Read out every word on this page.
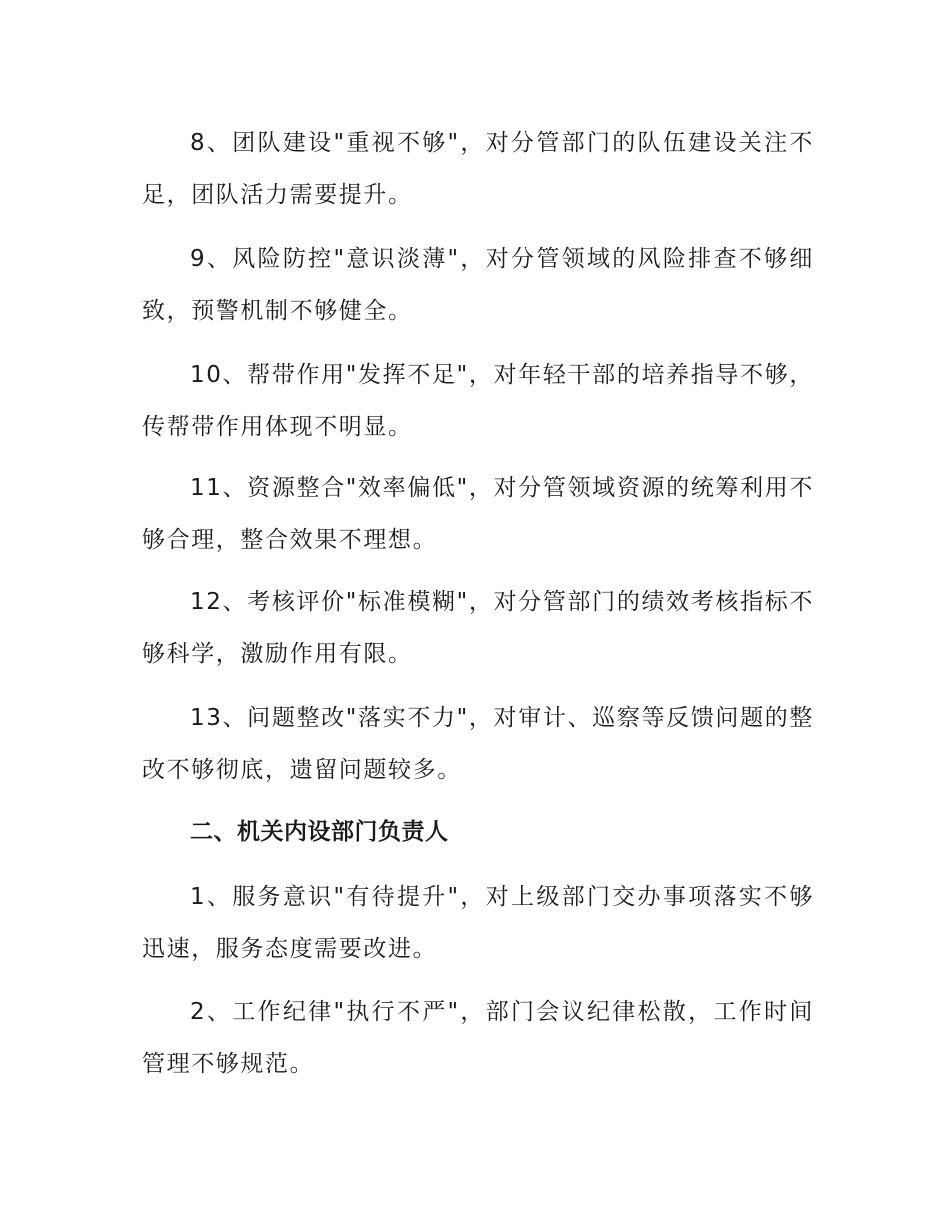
8、团队建设"重视不够"，对分管部门的队伍建设关注不足，团队活力需要提升。

9、风险防控"意识淡薄"，对分管领域的风险排查不够细致，预警机制不够健全。

10、帮带作用"发挥不足"，对年轻干部的培养指导不够，传帮带作用体现不明显。

11、资源整合"效率偏低"，对分管领域资源的统筹利用不够合理，整合效果不理想。

12、考核评价"标准模糊"，对分管部门的绩效考核指标不够科学，激励作用有限。

13、问题整改"落实不力"，对审计、巡察等反馈问题的整改不够彻底，遗留问题较多。

二、机关内设部门负责人

1、服务意识"有待提升"，对上级部门交办事项落实不够迅速，服务态度需要改进。

2、工作纪律"执行不严"，部门会议纪律松散，工作时间管理不够规范。
